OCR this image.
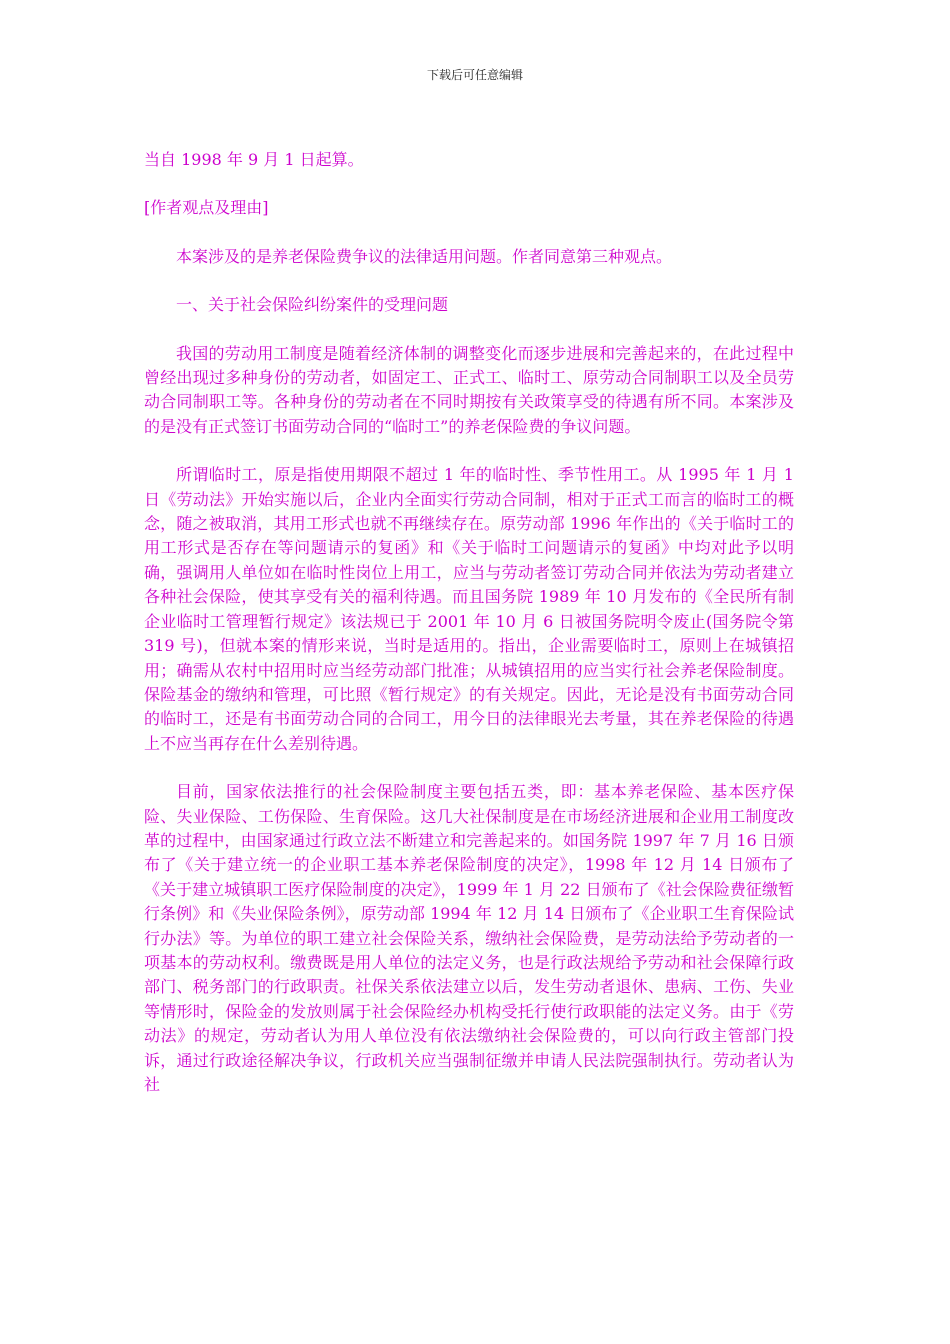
下载后可任意编辑

当自 1998 年 9 月 1 日起算。

[作者观点及理由]

本案涉及的是养老保险费争议的法律适用问题。作者同意第三种观点。

一、关于社会保险纠纷案件的受理问题

我国的劳动用工制度是随着经济体制的调整变化而逐步进展和完善起来的，在此过程中曾经出现过多种身份的劳动者，如固定工、正式工、临时工、原劳动合同制职工以及全员劳动合同制职工等。各种身份的劳动者在不同时期按有关政策享受的待遇有所不同。本案涉及的是没有正式签订书面劳动合同的“临时工”的养老保险费的争议问题。

所谓临时工，原是指使用期限不超过 1 年的临时性、季节性用工。从 1995 年 1 月 1 日《劳动法》开始实施以后，企业内全面实行劳动合同制，相对于正式工而言的临时工的概念，随之被取消，其用工形式也就不再继续存在。原劳动部 1996 年作出的《关于临时工的用工形式是否存在等问题请示的复函》和《关于临时工问题请示的复函》中均对此予以明确，强调用人单位如在临时性岗位上用工，应当与劳动者签订劳动合同并依法为劳动者建立各种社会保险，使其享受有关的福利待遇。而且国务院 1989 年 10 月发布的《全民所有制企业临时工管理暂行规定》该法规已于 2001 年 10 月 6 日被国务院明令废止(国务院令第 319 号)，但就本案的情形来说，当时是适用的。指出，企业需要临时工，原则上在城镇招用；确需从农村中招用时应当经劳动部门批准；从城镇招用的应当实行社会养老保险制度。保险基金的缴纳和管理，可比照《暂行规定》的有关规定。因此，无论是没有书面劳动合同的临时工，还是有书面劳动合同的合同工，用今日的法律眼光去考量，其在养老保险的待遇上不应当再存在什么差别待遇。

目前，国家依法推行的社会保险制度主要包括五类，即：基本养老保险、基本医疗保险、失业保险、工伤保险、生育保险。这几大社保制度是在市场经济进展和企业用工制度改革的过程中，由国家通过行政立法不断建立和完善起来的。如国务院 1997 年 7 月 16 日颁布了《关于建立统一的企业职工基本养老保险制度的决定》，1998 年 12 月 14 日颁布了《关于建立城镇职工医疗保险制度的决定》，1999 年 1 月 22 日颁布了《社会保险费征缴暂行条例》和《失业保险条例》，原劳动部 1994 年 12 月 14 日颁布了《企业职工生育保险试行办法》等。为单位的职工建立社会保险关系，缴纳社会保险费，是劳动法给予劳动者的一项基本的劳动权利。缴费既是用人单位的法定义务，也是行政法规给予劳动和社会保障行政部门、税务部门的行政职责。社保关系依法建立以后，发生劳动者退休、患病、工伤、失业等情形时，保险金的发放则属于社会保险经办机构受托行使行政职能的法定义务。由于《劳动法》的规定，劳动者认为用人单位没有依法缴纳社会保险费的，可以向行政主管部门投诉，通过行政途径解决争议，行政机关应当强制征缴并申请人民法院强制执行。劳动者认为社
